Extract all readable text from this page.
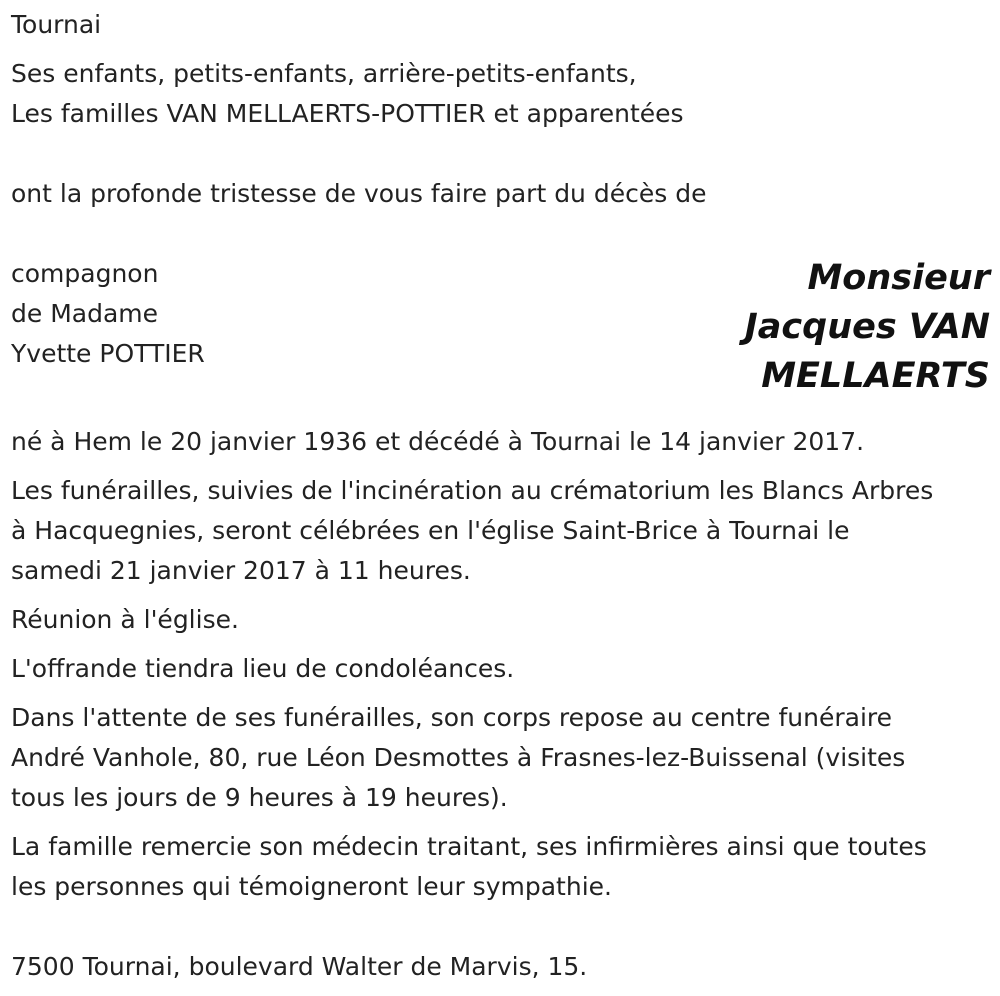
Tournai

Ses enfants, petits-enfants, arrière-petits-enfants,

Les familles VAN MELLAERTS-POTTIER et apparentées

ont la profonde tristesse de vous faire part du décès de

compagnon

de Madame

Yvette POTTIER

Monsieur

Jacques VAN

MELLAERTS

né à Hem le 20 janvier 1936 et décédé à Tournai le 14 janvier 2017.

Les funérailles, suivies de l'incinération au crématorium les Blancs Arbres

à Hacquegnies, seront célébrées en l'église Saint-Brice à Tournai le

samedi 21 janvier 2017 à 11 heures.

Réunion à l'église.

L'offrande tiendra lieu de condoléances.

Dans l'attente de ses funérailles, son corps repose au centre funéraire

André Vanhole, 80, rue Léon Desmottes à Frasnes-lez-Buissenal (visites

tous les jours de 9 heures à 19 heures).

La famille remercie son médecin traitant, ses infirmières ainsi que toutes

les personnes qui témoigneront leur sympathie.

7500 Tournai, boulevard Walter de Marvis, 15.
